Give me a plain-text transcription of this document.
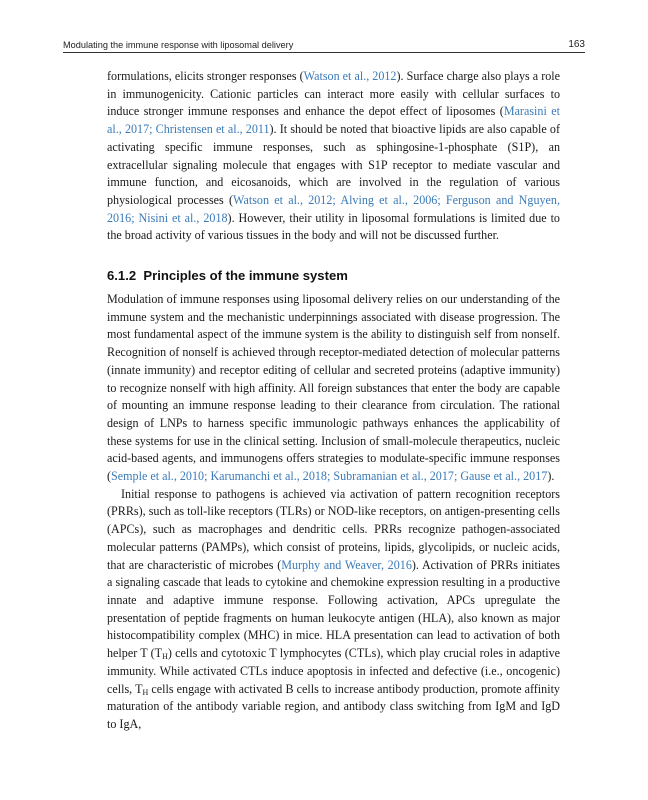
Modulating the immune response with liposomal delivery	163

formulations, elicits stronger responses (Watson et al., 2012). Surface charge also plays a role in immunogenicity. Cationic particles can interact more easily with cellular surfaces to induce stronger immune responses and enhance the depot effect of liposomes (Marasini et al., 2017; Christensen et al., 2011). It should be noted that bioactive lipids are also capable of activating specific immune responses, such as sphingosine-1-phosphate (S1P), an extracellular signaling molecule that engages with S1P receptor to mediate vascular and immune function, and eicosanoids, which are involved in the regulation of various physiological processes (Watson et al., 2012; Alving et al., 2006; Ferguson and Nguyen, 2016; Nisini et al., 2018). However, their utility in liposomal formulations is limited due to the broad activity of various tissues in the body and will not be discussed further.

6.1.2 Principles of the immune system

Modulation of immune responses using liposomal delivery relies on our understanding of the immune system and the mechanistic underpinnings associated with disease progression. The most fundamental aspect of the immune system is the ability to distinguish self from nonself. Recognition of nonself is achieved through receptor-mediated detection of molecular patterns (innate immunity) and receptor editing of cellular and secreted proteins (adaptive immunity) to recognize nonself with high affinity. All foreign substances that enter the body are capable of mounting an immune response leading to their clearance from circulation. The rational design of LNPs to harness specific immunologic pathways enhances the applicability of these systems for use in the clinical setting. Inclusion of small-molecule therapeutics, nucleic acid-based agents, and immunogens offers strategies to modulate-specific immune responses (Semple et al., 2010; Karumanchi et al., 2018; Subramanian et al., 2017; Gause et al., 2017).

Initial response to pathogens is achieved via activation of pattern recognition receptors (PRRs), such as toll-like receptors (TLRs) or NOD-like receptors, on antigen-presenting cells (APCs), such as macrophages and dendritic cells. PRRs recognize pathogen-associated molecular patterns (PAMPs), which consist of proteins, lipids, glycolipids, or nucleic acids, that are characteristic of microbes (Murphy and Weaver, 2016). Activation of PRRs initiates a signaling cascade that leads to cytokine and chemokine expression resulting in a productive innate and adaptive immune response. Following activation, APCs upregulate the presentation of peptide fragments on human leukocyte antigen (HLA), also known as major histocompatibility complex (MHC) in mice. HLA presentation can lead to activation of both helper T $(T_H)$ cells and cytotoxic T lymphocytes (CTLs), which play crucial roles in adaptive immunity. While activated CTLs induce apoptosis in infected and defective (i.e., oncogenic) cells, $T_H$ cells engage with activated B cells to increase antibody production, promote affinity maturation of the antibody variable region, and antibody class switching from IgM and IgD to IgA,
